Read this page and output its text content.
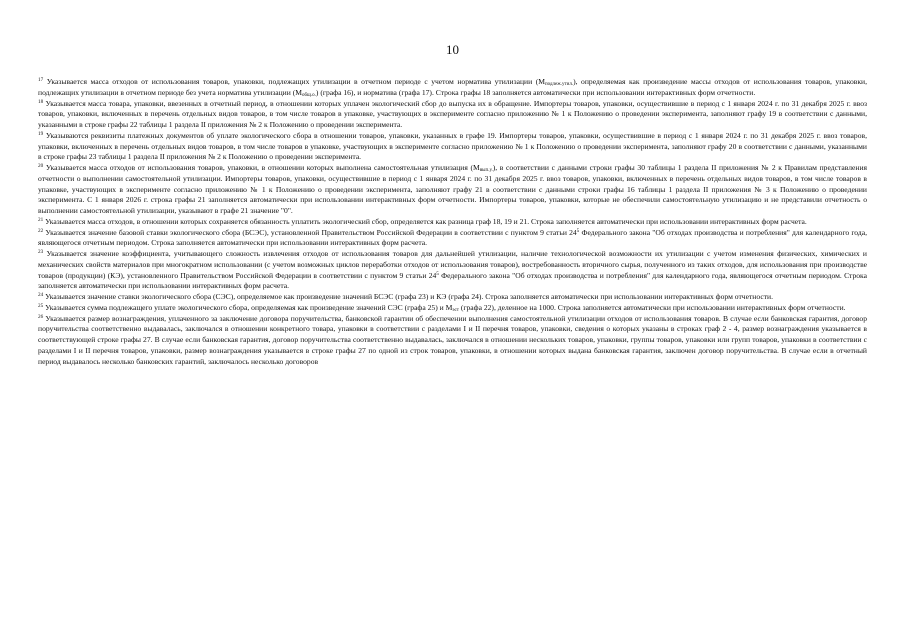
10

$^{17}$ Указывается масса отходов от использования товаров, упаковки, подлежащих утилизации в отчетном периоде с учетом норматива утилизации $(M_{подлеж.утил.})$, определяемая как произведение массы отходов от использования товаров, упаковки, подлежащих утилизации в отчетном периоде без учета норматива утилизации $(M_{общ.о.})$ (графа 16), и норматива (графа 17). Строка графы 18 заполняется автоматически при использовании интерактивных форм отчетности.

$^{18}$ Указывается масса товара, упаковки, ввезенных в отчетный период, в отношении которых уплачен экологический сбор до выпуска их в обращение. Импортеры товаров, упаковки, осуществившие в период с 1 января 2024 г. по 31 декабря 2025 г. ввоз товаров, упаковки, включенных в перечень отдельных видов товаров, в том числе товаров в упаковке, участвующих в эксперименте согласно приложению № 1 к Положению о проведении эксперимента, заполняют графу 19 в соответствии с данными, указанными в строке графы 22 таблицы 1 раздела II приложения № 2 к Положению о проведении эксперимента.

$^{19}$ Указываются реквизиты платежных документов об уплате экологического сбора в отношении товаров, упаковки, указанных в графе 19. Импортеры товаров, упаковки, осуществившие в период с 1 января 2024 г. по 31 декабря 2025 г. ввоз товаров, упаковки, включенных в перечень отдельных видов товаров, в том числе товаров в упаковке, участвующих в эксперименте согласно приложению № 1 к Положению о проведении эксперимента, заполняют графу 20 в соответствии с данными, указанными в строке графы 23 таблицы 1 раздела II приложения № 2 к Положению о проведении эксперимента.

$^{20}$ Указывается масса отходов от использования товаров, упаковки, в отношении которых выполнена самостоятельная утилизация $(M_{вып.у.})$, в соответствии с данными строки графы 30 таблицы 1 раздела II приложения № 2 к Правилам представления отчетности о выполнении самостоятельной утилизации. Импортеры товаров, упаковки, осуществившие в период с 1 января 2024 г. по 31 декабря 2025 г. ввоз товаров, упаковки, включенных в перечень отдельных видов товаров, в том числе товаров в упаковке, участвующих в эксперименте согласно приложению № 1 к Положению о проведении эксперимента, заполняют графу 21 в соответствии с данными строки графы 16 таблицы 1 раздела II приложения № 3 к Положению о проведении эксперимента. С 1 января 2026 г. строка графы 21 заполняется автоматически при использовании интерактивных форм отчетности. Импортеры товаров, упаковки, которые не обеспечили самостоятельную утилизацию и не представили отчетность о выполнении самостоятельной утилизации, указывают в графе 21 значение "0".

$^{21}$ Указывается масса отходов, в отношении которых сохраняется обязанность уплатить экологический сбор, определяется как разница граф 18, 19 и 21. Строка заполняется автоматически при использовании интерактивных форм расчета.

$^{22}$ Указывается значение базовой ставки экологического сбора (БСЭС), установленной Правительством Российской Федерации в соответствии с пунктом 9 статьи $24^5$ Федерального закона "Об отходах производства и потребления" для календарного года, являющегося отчетным периодом. Строка заполняется автоматически при использовании интерактивных форм расчета.

$^{23}$ Указывается значение коэффициента, учитывающего сложность извлечения отходов от использования товаров для дальнейшей утилизации, наличие технологической возможности их утилизации с учетом изменения физических, химических и механических свойств материалов при многократном использовании (с учетом возможных циклов переработки отходов от использования товаров), востребованность вторичного сырья, полученного из таких отходов, для использования при производстве товаров (продукции) (КЭ), установленного Правительством Российской Федерации в соответствии с пунктом 9 статьи $24^5$ Федерального закона "Об отходах производства и потребления" для календарного года, являющегося отчетным периодом. Строка заполняется автоматически при использовании интерактивных форм расчета.

$^{24}$ Указывается значение ставки экологического сбора (СЭС), определяемое как произведение значений БСЭС (графа 23) и КЭ (графа 24). Строка заполняется автоматически при использовании интерактивных форм отчетности.

$^{25}$ Указывается сумма подлежащего уплате экологического сбора, определяемая как произведение значений СЭС (графа 25) и $M_{эст}$ (графа 22), деленное на 1000. Строка заполняется автоматически при использовании интерактивных форм отчетности.

$^{26}$ Указывается размер вознаграждения, уплаченного за заключение договора поручительства, банковской гарантии об обеспечении выполнения самостоятельной утилизации отходов от использования товаров. В случае если банковская гарантия, договор поручительства соответственно выдавалась, заключался в отношении конкретного товара, упаковки в соответствии с разделами I и II перечня товаров, упаковки, сведения о которых указаны в строках граф 2 - 4, размер вознаграждения указывается в соответствующей строке графы 27. В случае если банковская гарантия, договор поручительства соответственно выдавалась, заключался в отношении нескольких товаров, упаковки, группы товаров, упаковки или групп товаров, упаковки в соответствии с разделами I и II перечня товаров, упаковки, размер вознаграждения указывается в строке графы 27 по одной из строк товаров, упаковки, в отношении которых выдана банковская гарантия, заключен договор поручительства. В случае если в отчетный период выдавалось несколько банковских гарантий, заключалось несколько договоров
